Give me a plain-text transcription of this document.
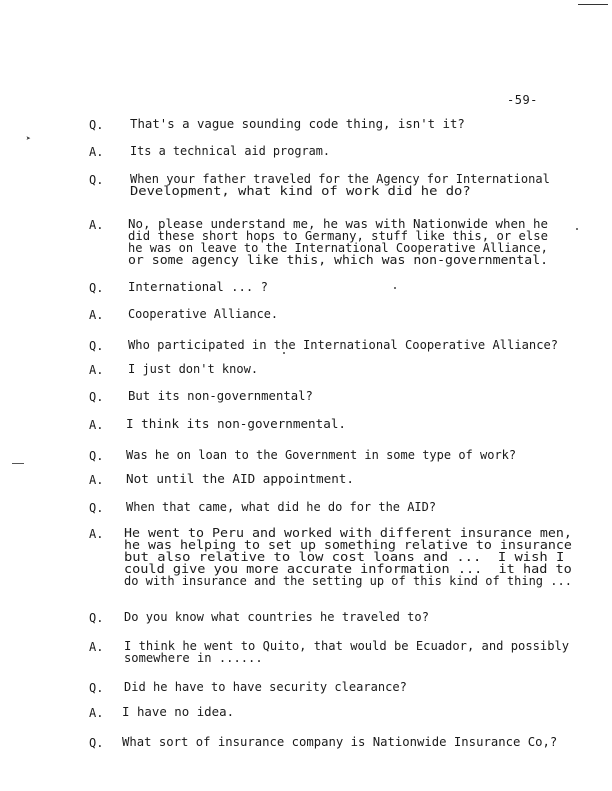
➤
-59-
Q. That's a vague sounding code thing, isn't it?
A. Its a technical aid program.
Q. When your father traveled for the Agency for International
Development, what kind of work did he do?
A. No, please understand me, he was with Nationwide when he
did these short hops to Germany, stuff like this, or else
he was on leave to the International Cooperative Alliance,
or some agency like this, which was non-governmental.
Q. International ... ?
A. Cooperative Alliance.
Q. Who participated in the International Cooperative Alliance?
A. I just don't know.
Q. But its non-governmental?
A. I think its non-governmental.
Q. Was he on loan to the Government in some type of work?
A. Not until the AID appointment.
Q. When that came, what did he do for the AID?
A. He went to Peru and worked with different insurance men,
he was helping to set up something relative to insurance
but also relative to low cost loans and ...  I wish I
could give you more accurate information ...  it had to
do with insurance and the setting up of this kind of thing ...
Q. Do you know what countries he traveled to?
A. I think he went to Quito, that would be Ecuador, and possibly
somewhere in ......
Q. Did he have to have security clearance?
A. I have no idea.
Q. What sort of insurance company is Nationwide Insurance Co,?
